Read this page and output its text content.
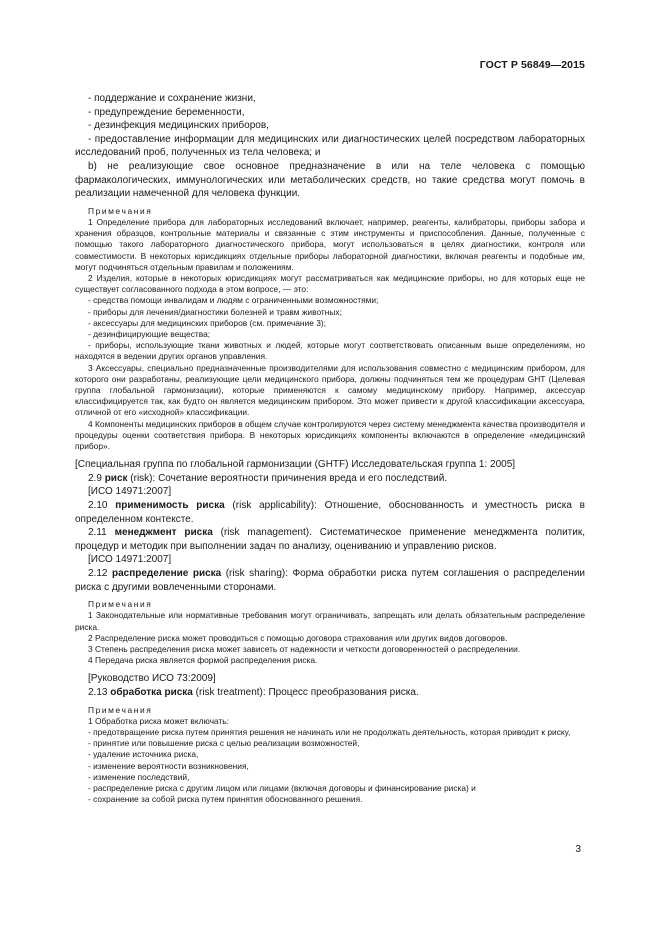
ГОСТ Р 56849—2015

- поддержание и сохранение жизни,

- предупреждение беременности,

- дезинфекция медицинских приборов,

- предоставление информации для медицинских или диагностических целей посредством лабораторных исследований проб, полученных из тела человека; и

b) не реализующие свое основное предназначение в или на теле человека с помощью фармакологических, иммунологических или метаболических средств, но такие средства могут помочь в реализации намеченной для человека функции.

Примечания

1 Определение прибора для лабораторных исследований включает, например, реагенты, калибраторы, приборы забора и хранения образцов, контрольные материалы и связанные с этим инструменты и приспособления. Данные, полученные с помощью такого лабораторного диагностического прибора, могут использоваться в целях диагностики, контроля или совместимости. В некоторых юрисдикциях отдельные приборы лабораторной диагностики, включая реагенты и подобные им, могут подчиняться отдельным правилам и положениям.

2 Изделия, которые в некоторых юрисдикциях могут рассматриваться как медицинские приборы, но для которых еще не существует согласованного подхода в этом вопросе, — это:

- средства помощи инвалидам и людям с ограниченными возможностями;

- приборы для лечения/диагностики болезней и травм животных;

- аксессуары для медицинских приборов (см. примечание 3);

- дезинфицирующие вещества;

- приборы, использующие ткани животных и людей, которые могут соответствовать описанным выше определениям, но находятся в ведении других органов управления.

3 Аксессуары, специально предназначенные производителями для использования совместно с медицинским прибором, для которого они разработаны, реализующие цели медицинского прибора, должны подчиняться тем же процедурам GHT (Целевая группа глобальной гармонизации), которые применяются к самому медицинскому прибору. Например, аксессуар классифицируется так, как будто он является медицинским прибором. Это может привести к другой классификации аксессуара, отличной от его «исходной» классификации.

4 Компоненты медицинских приборов в общем случае контролируются через систему менеджмента качества производителя и процедуры оценки соответствия прибора. В некоторых юрисдикциях компоненты включаются в определение «медицинский прибор».

[Специальная группа по глобальной гармонизации (GHTF) Исследовательская группа 1: 2005]

2.9 риск (risk): Сочетание вероятности причинения вреда и его последствий.

[ИСО 14971:2007]

2.10 применимость риска (risk applicability): Отношение, обоснованность и уместность риска в определенном контексте.

2.11 менеджмент риска (risk management). Систематическое применение менеджмента политик, процедур и методик при выполнении задач по анализу, оцениванию и управлению рисков.

[ИСО 14971:2007]

2.12 распределение риска (risk sharing): Форма обработки риска путем соглашения о распределении риска с другими вовлеченными сторонами.

Примечания

1 Законодательные или нормативные требования могут ограничивать, запрещать или делать обязательным распределение риска.

2 Распределение риска может проводиться с помощью договора страхования или других видов договоров.

3 Степень распределения риска может зависеть от надежности и четкости договоренностей о распределении.

4 Передача риска является формой распределения риска.

[Руководство ИСО 73:2009]

2.13 обработка риска (risk treatment): Процесс преобразования риска.

Примечания

1 Обработка риска может включать:

- предотвращение риска путем принятия решения не начинать или не продолжать деятельность, которая приводит к риску,

- принятие или повышение риска с целью реализации возможностей,

- удаление источника риска,

- изменение вероятности возникновения,

- изменение последствий,

- распределение риска с другим лицом или лицами (включая договоры и финансирование риска) и

- сохранение за собой риска путем принятия обоснованного решения.

3
